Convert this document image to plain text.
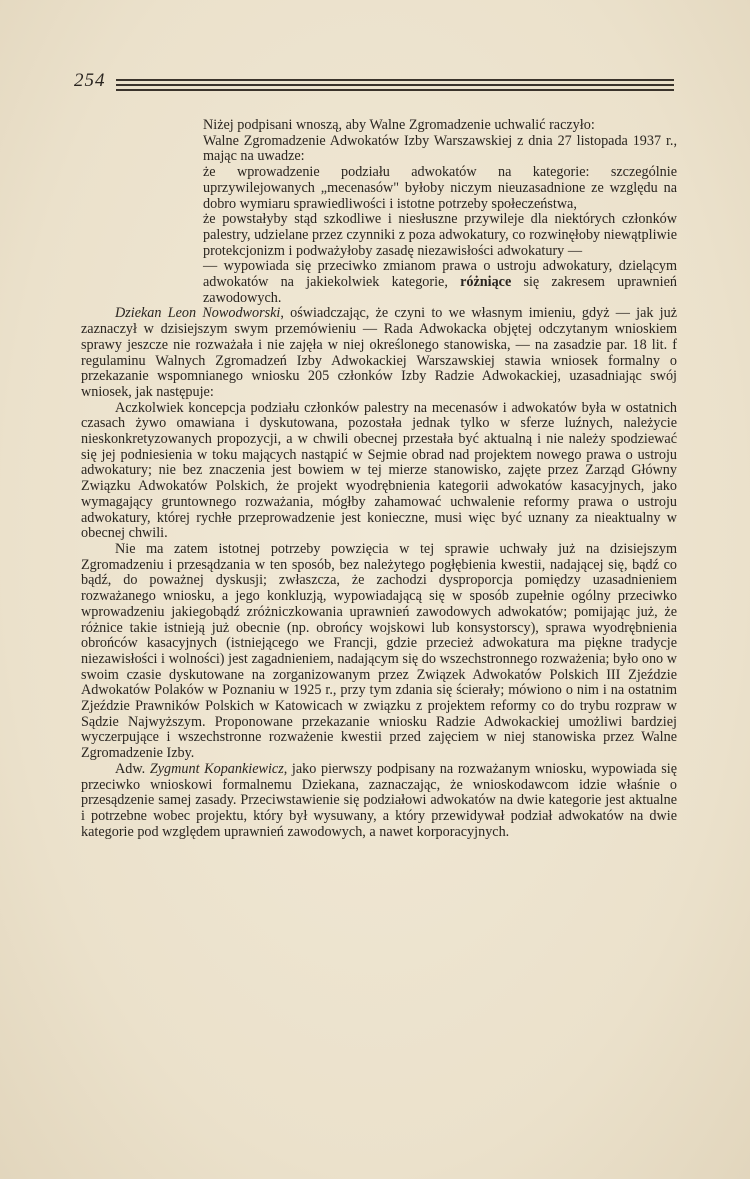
254

Niżej podpisani wnoszą, aby Walne Zgromadzenie uchwalić raczyło:

Walne Zgromadzenie Adwokatów Izby Warszawskiej z dnia 27 listopada 1937 r., mając na uwadze:

że wprowadzenie podziału adwokatów na kategorie: szczególnie uprzywilejowanych „mecenasów" byłoby niczym nieuzasadnione ze względu na dobro wymiaru sprawiedliwości i istotne potrzeby społeczeństwa,

że powstałyby stąd szkodliwe i niesłuszne przywileje dla niektórych członków palestry, udzielane przez czynniki z poza adwokatury, co rozwinęłoby niewątpliwie protekcjonizm i podważyłoby zasadę niezawisłości adwokatury —

— wypowiada się przeciwko zmianom prawa o ustroju adwokatury, dzielącym adwokatów na jakiekolwiek kategorie, różniące się zakresem uprawnień zawodowych.

Dziekan Leon Nowodworski, oświadczając, że czyni to we własnym imieniu, gdyż — jak już zaznaczył w dzisiejszym swym przemówieniu — Rada Adwokacka objętej odczytanym wnioskiem sprawy jeszcze nie rozważała i nie zajęła w niej określonego stanowiska, — na zasadzie par. 18 lit. f regulaminu Walnych Zgromadzeń Izby Adwokackiej Warszawskiej stawia wniosek formalny o przekazanie wspomnianego wniosku 205 członków Izby Radzie Adwokackiej, uzasadniając swój wniosek, jak następuje:

Aczkolwiek koncepcja podziału członków palestry na mecenasów i adwokatów była w ostatnich czasach żywo omawiana i dyskutowana, pozostała jednak tylko w sferze luźnych, należycie nieskonkretyzowanych propozycji, a w chwili obecnej przestała być aktualną i nie należy spodziewać się jej podniesienia w toku mających nastąpić w Sejmie obrad nad projektem nowego prawa o ustroju adwokatury; nie bez znaczenia jest bowiem w tej mierze stanowisko, zajęte przez Zarząd Główny Związku Adwokatów Polskich, że projekt wyodrębnienia kategorii adwokatów kasacyjnych, jako wymagający gruntownego rozważania, mógłby zahamować uchwalenie reformy prawa o ustroju adwokatury, której rychłe przeprowadzenie jest konieczne, musi więc być uznany za nieaktualny w obecnej chwili.

Nie ma zatem istotnej potrzeby powzięcia w tej sprawie uchwały już na dzisiejszym Zgromadzeniu i przesądzania w ten sposób, bez należytego pogłębienia kwestii, nadającej się, bądź co bądź, do poważnej dyskusji; zwłaszcza, że zachodzi dysproporcja pomiędzy uzasadnieniem rozważanego wniosku, a jego konkluzją, wypowiadającą się w sposób zupełnie ogólny przeciwko wprowadzeniu jakiegobądź zróżniczkowania uprawnień zawodowych adwokatów; pomijając już, że różnice takie istnieją już obecnie (np. obrońcy wojskowi lub konsystorscy), sprawa wyodrębnienia obrońców kasacyjnych (istniejącego we Francji, gdzie przecież adwokatura ma piękne tradycje niezawisłości i wolności) jest zagadnieniem, nadającym się do wszechstronnego rozważenia; było ono w swoim czasie dyskutowane na zorganizowanym przez Związek Adwokatów Polskich III Zjeździe Adwokatów Polaków w Poznaniu w 1925 r., przy tym zdania się ścierały; mówiono o nim i na ostatnim Zjeździe Prawników Polskich w Katowicach w związku z projektem reformy co do trybu rozpraw w Sądzie Najwyższym. Proponowane przekazanie wniosku Radzie Adwokackiej umożliwi bardziej wyczerpujące i wszechstronne rozważenie kwestii przed zajęciem w niej stanowiska przez Walne Zgromadzenie Izby.

Adw. Zygmunt Kopankiewicz, jako pierwszy podpisany na rozważanym wniosku, wypowiada się przeciwko wnioskowi formalnemu Dziekana, zaznaczając, że wnioskodawcom idzie właśnie o przesądzenie samej zasady. Przeciwstawienie się podziałowi adwokatów na dwie kategorie jest aktualne i potrzebne wobec projektu, który był wysuwany, a który przewidywał podział adwokatów na dwie kategorie pod względem uprawnień zawodowych, a nawet korporacyjnych.
